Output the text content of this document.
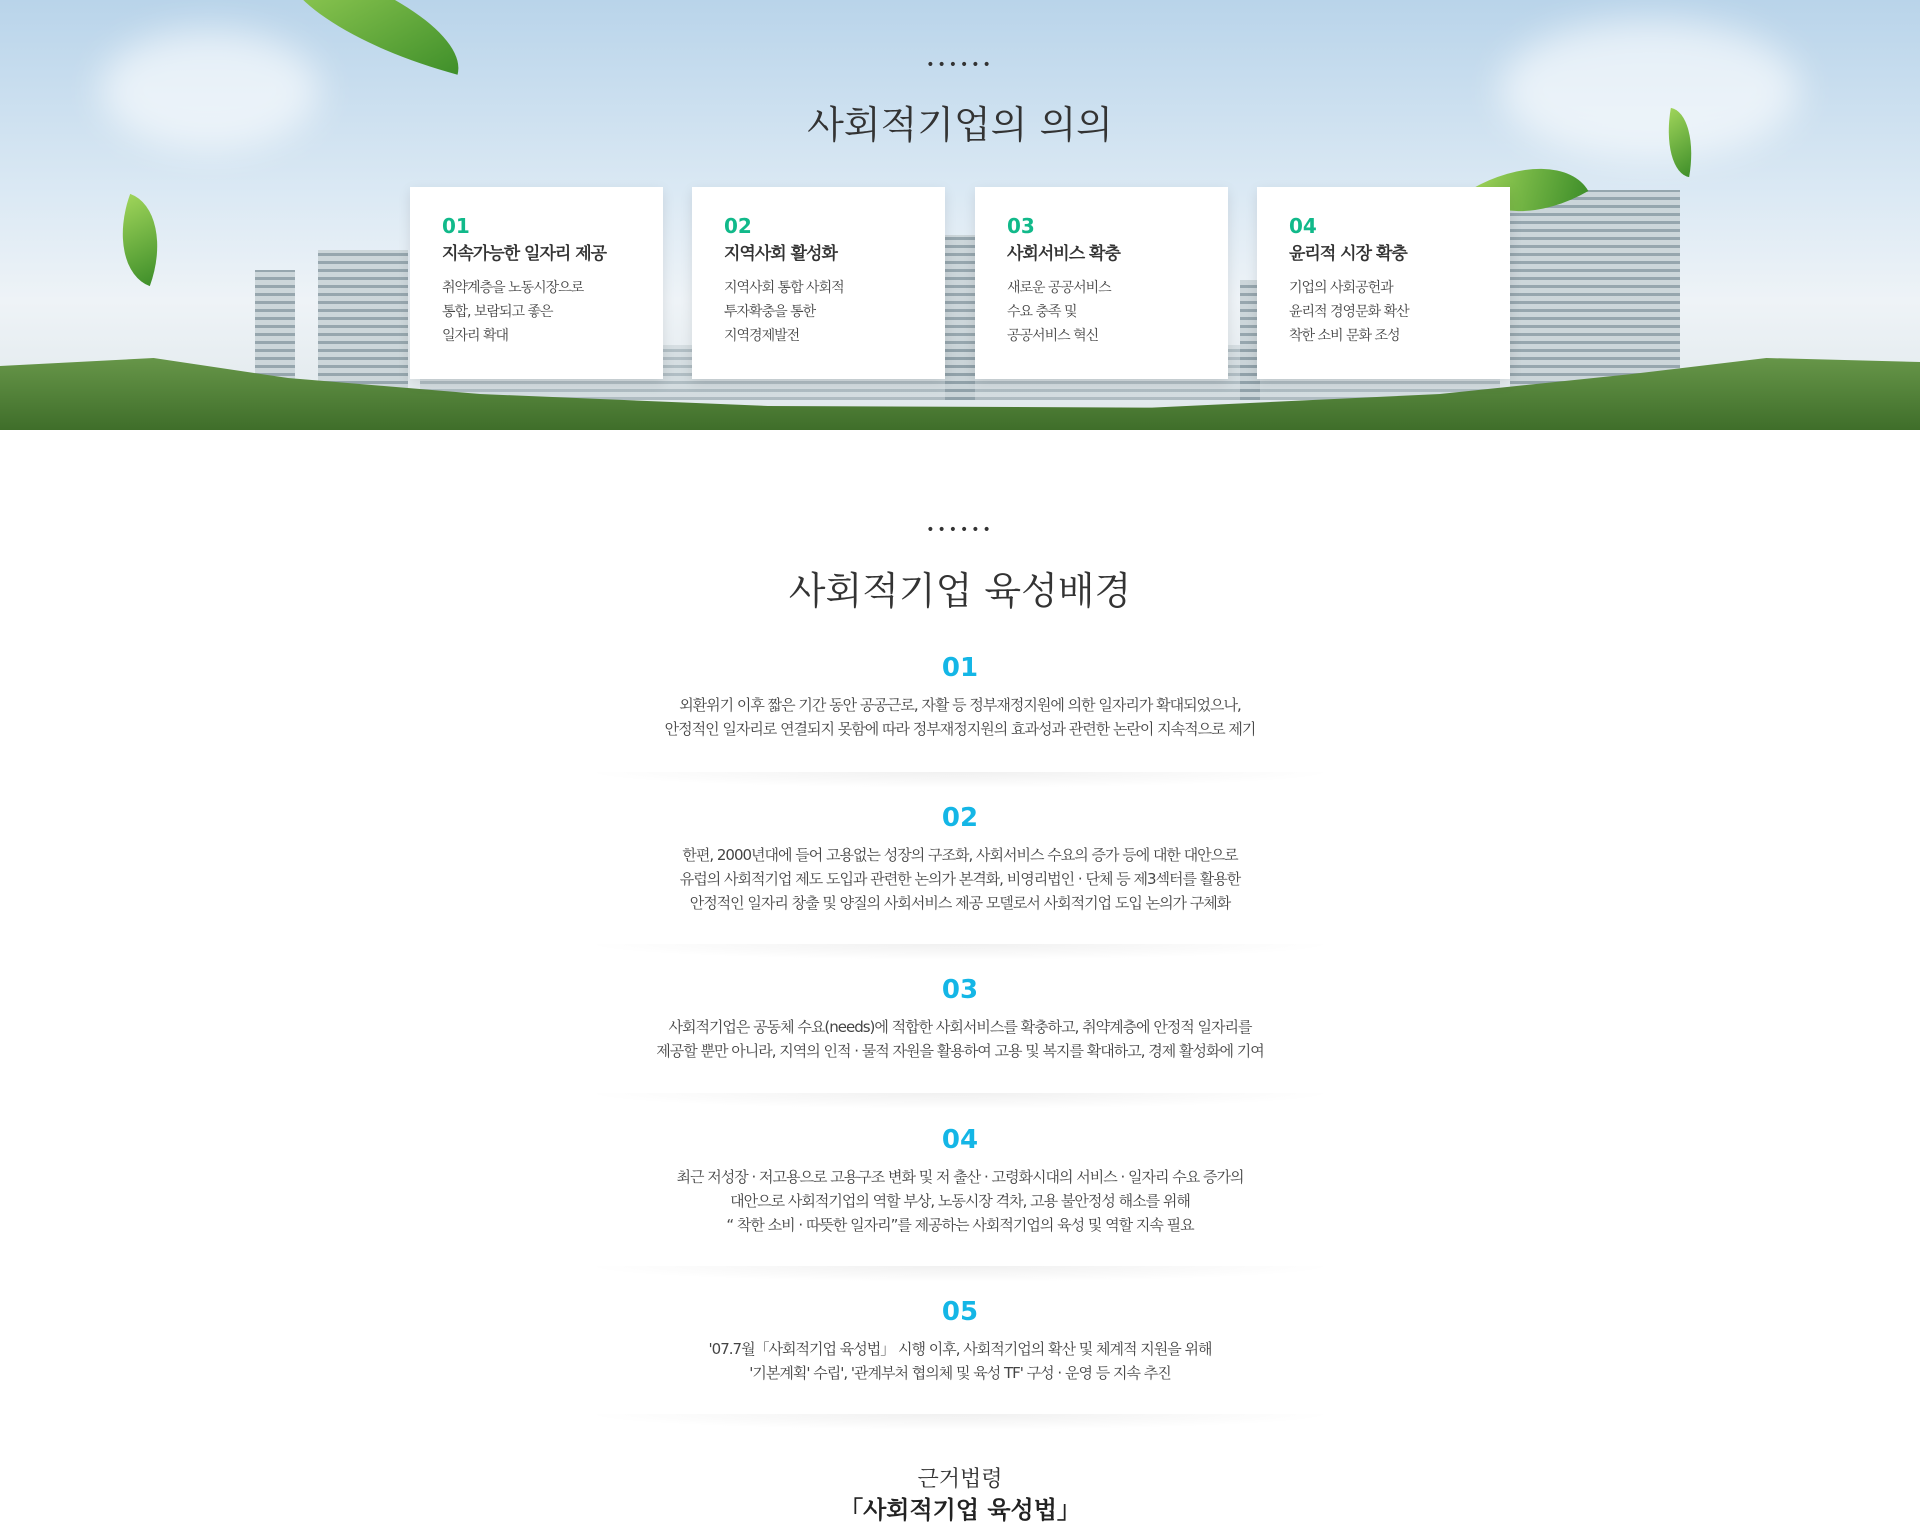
••••••
사회적기업의 의의
01
지속가능한 일자리 제공
취약계층을 노동시장으로
통합, 보람되고 좋은
일자리 확대
02
지역사회 활성화
지역사회 통합 사회적
투자확충을 통한
지역경제발전
03
사회서비스 확충
새로운 공공서비스
수요 충족 및
공공서비스 혁신
04
윤리적 시장 확충
기업의 사회공헌과
윤리적 경영문화 확산
착한 소비 문화 조성
••••••
사회적기업 육성배경
01
외환위기 이후 짧은 기간 동안 공공근로, 자활 등 정부재정지원에 의한 일자리가 확대되었으나,
안정적인 일자리로 연결되지 못함에 따라 정부재정지원의 효과성과 관련한 논란이 지속적으로 제기
02
한편, 2000년대에 들어 고용없는 성장의 구조화, 사회서비스 수요의 증가 등에 대한 대안으로
유럽의 사회적기업 제도 도입과 관련한 논의가 본격화, 비영리법인 · 단체 등 제3섹터를 활용한
안정적인 일자리 창출 및 양질의 사회서비스 제공 모델로서 사회적기업 도입 논의가 구체화
03
사회적기업은 공동체 수요(needs)에 적합한 사회서비스를 확충하고, 취약계층에 안정적 일자리를
제공할 뿐만 아니라, 지역의 인적 · 물적 자원을 활용하여 고용 및 복지를 확대하고, 경제 활성화에 기여
04
최근 저성장 · 저고용으로 고용구조 변화 및 저 출산 · 고령화시대의 서비스 · 일자리 수요 증가의
대안으로 사회적기업의 역할 부상, 노동시장 격차, 고용 불안정성 해소를 위해
“ 착한 소비 · 따뜻한 일자리”를 제공하는 사회적기업의 육성 및 역할 지속 필요
05
'07.7월「사회적기업 육성법」 시행 이후, 사회적기업의 확산 및 체계적 지원을 위해
'기본계획' 수립', '관계부처 협의체 및 육성 TF' 구성 · 운영 등 지속 추진
근거법령
「사회적기업 육성법」
